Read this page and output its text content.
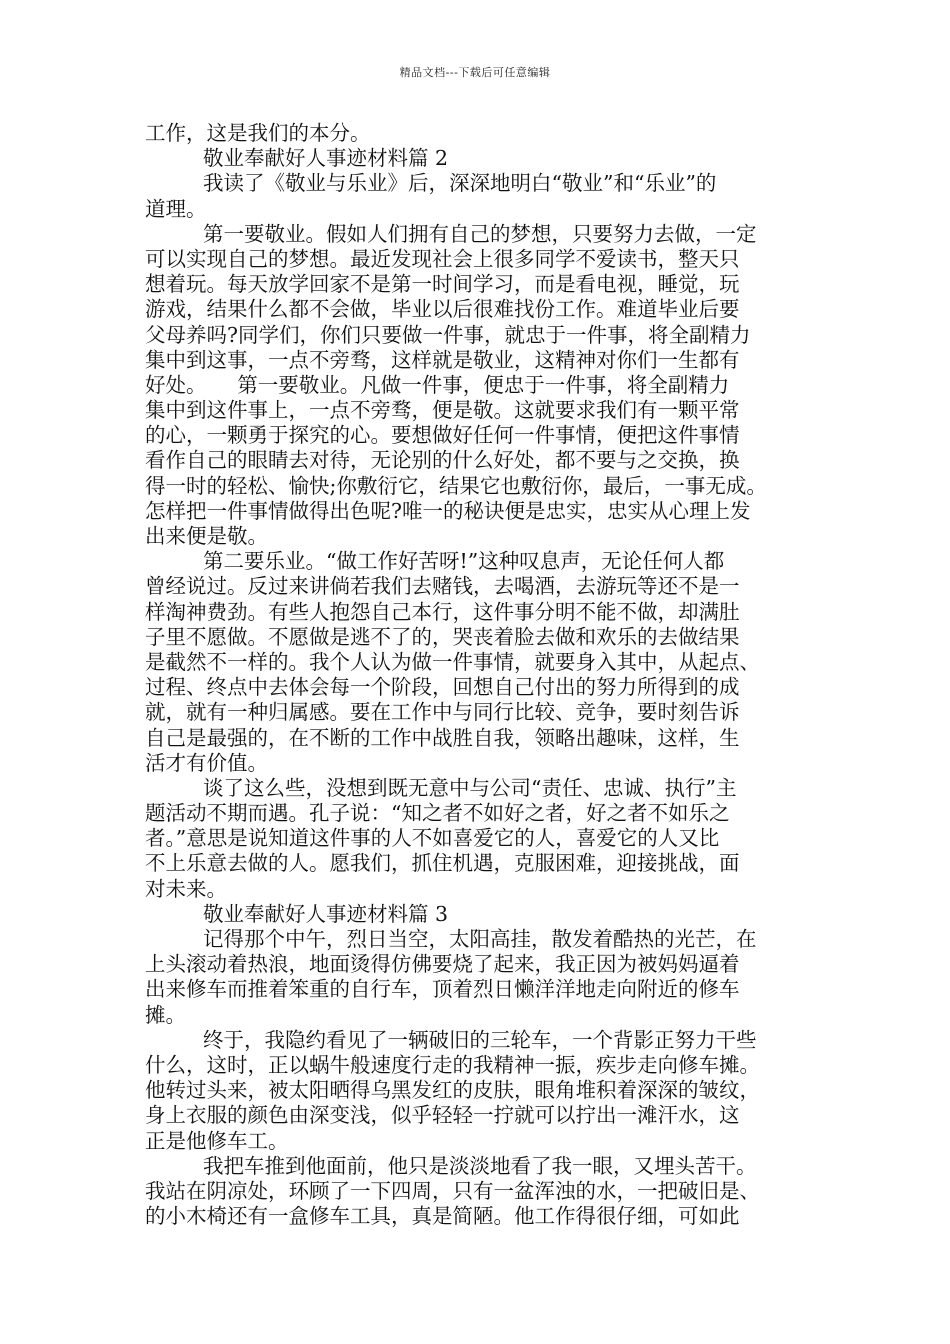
精品文档---下载后可任意编辑
工作，这是我们的本分。
敬业奉献好人事迹材料篇 2
我读了《敬业与乐业》后，深深地明白“敬业”和“乐业”的
道理。
第一要敬业。假如人们拥有自己的梦想，只要努力去做，一定
可以实现自己的梦想。最近发现社会上很多同学不爱读书，整天只
想着玩。每天放学回家不是第一时间学习，而是看电视，睡觉，玩
游戏，结果什么都不会做，毕业以后很难找份工作。难道毕业后要
父母养吗?同学们，你们只要做一件事，就忠于一件事，将全副精力
集中到这事，一点不旁骛，这样就是敬业，这精神对你们一生都有
好处。　　第一要敬业。凡做一件事，便忠于一件事，将全副精力
集中到这件事上，一点不旁骛，便是敬。这就要求我们有一颗平常
的心，一颗勇于探究的心。要想做好任何一件事情，便把这件事情
看作自己的眼睛去对待，无论别的什么好处，都不要与之交换，换
得一时的轻松、愉快;你敷衍它，结果它也敷衍你，最后，一事无成。
怎样把一件事情做得出色呢?唯一的秘诀便是忠实，忠实从心理上发
出来便是敬。
第二要乐业。“做工作好苦呀!”这种叹息声，无论任何人都
曾经说过。反过来讲倘若我们去赌钱，去喝酒，去游玩等还不是一
样淘神费劲。有些人抱怨自己本行，这件事分明不能不做，却满肚
子里不愿做。不愿做是逃不了的，哭丧着脸去做和欢乐的去做结果
是截然不一样的。我个人认为做一件事情，就要身入其中，从起点、
过程、终点中去体会每一个阶段，回想自己付出的努力所得到的成
就，就有一种归属感。要在工作中与同行比较、竞争，要时刻告诉
自己是最强的，在不断的工作中战胜自我，领略出趣味，这样，生
活才有价值。
谈了这么些，没想到既无意中与公司“责任、忠诚、执行”主
题活动不期而遇。孔子说：“知之者不如好之者，好之者不如乐之
者。”意思是说知道这件事的人不如喜爱它的人，喜爱它的人又比
不上乐意去做的人。愿我们，抓住机遇，克服困难，迎接挑战，面
对未来。
敬业奉献好人事迹材料篇 3
记得那个中午，烈日当空，太阳高挂，散发着酷热的光芒，在
上头滚动着热浪，地面烫得仿佛要烧了起来，我正因为被妈妈逼着
出来修车而推着笨重的自行车，顶着烈日懒洋洋地走向附近的修车
摊。
终于，我隐约看见了一辆破旧的三轮车，一个背影正努力干些
什么，这时，正以蜗牛般速度行走的我精神一振，疾步走向修车摊。
他转过头来，被太阳晒得乌黑发红的皮肤，眼角堆积着深深的皱纹，
身上衣服的颜色由深变浅，似乎轻轻一拧就可以拧出一滩汗水，这
正是他修车工。
我把车推到他面前，他只是淡淡地看了我一眼，又埋头苦干。
我站在阴凉处，环顾了一下四周，只有一盆浑浊的水，一把破旧是、
的小木椅还有一盒修车工具，真是简陋。他工作得很仔细，可如此
